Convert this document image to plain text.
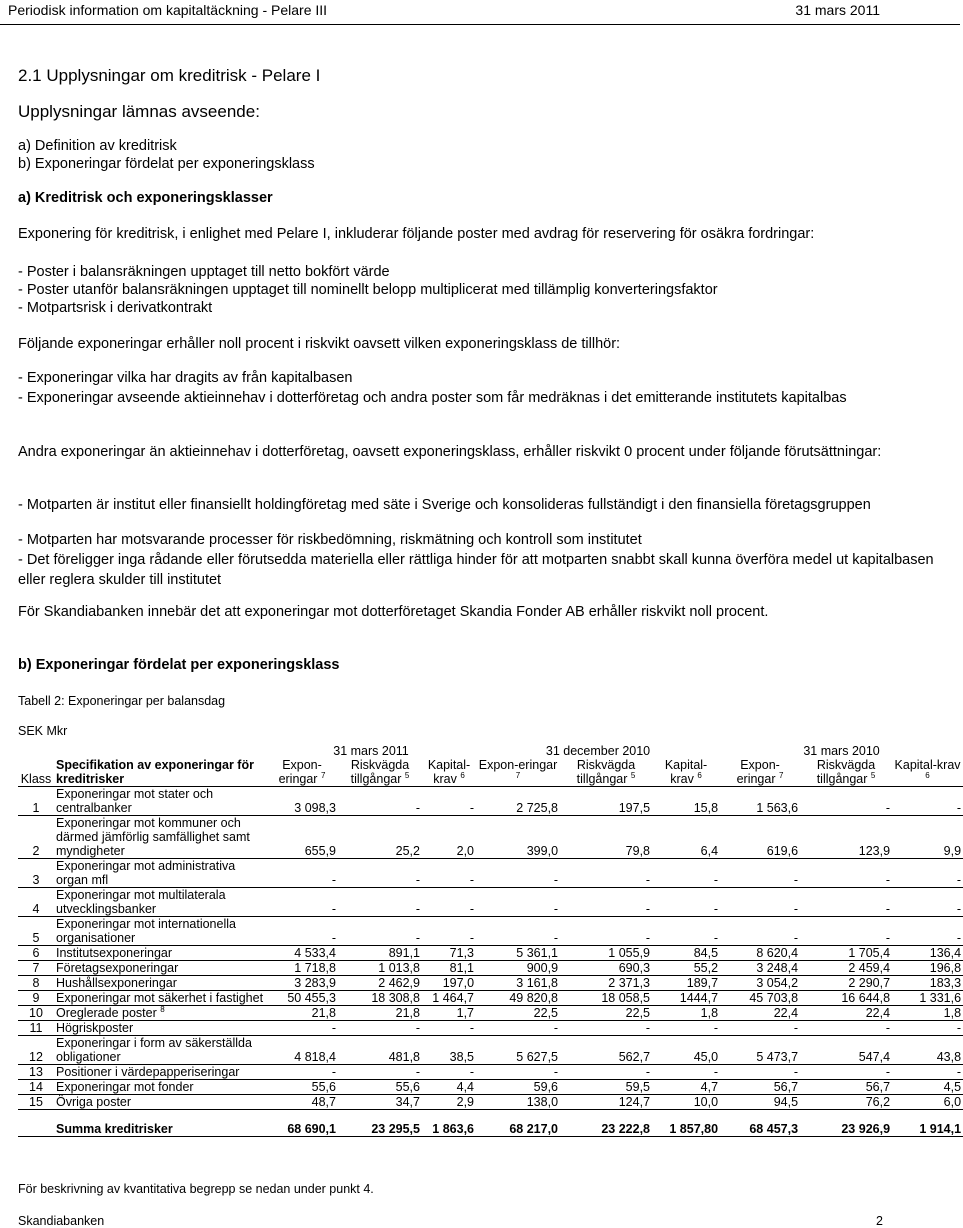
Periodisk information om kapitaltäckning - Pelare III	31 mars 2011
2.1 Upplysningar om kreditrisk - Pelare I
Upplysningar lämnas avseende:
a) Definition av kreditrisk
b) Exponeringar fördelat per exponeringsklass
a) Kreditrisk och exponeringsklasser
Exponering för kreditrisk, i enlighet med Pelare I, inkluderar följande poster med avdrag för reservering för osäkra fordringar:
- Poster i balansräkningen upptaget till netto bokfört värde
- Poster utanför balansräkningen upptaget till nominellt belopp multiplicerat med tillämplig konverteringsfaktor
- Motpartsrisk i derivatkontrakt
Följande exponeringar erhåller noll procent i riskvikt oavsett vilken exponeringsklass de tillhör:
- Exponeringar vilka har dragits av från kapitalbasen
- Exponeringar avseende aktieinnehav i dotterföretag och andra poster som får medräknas i det emitterande institutets kapitalbas
Andra exponeringar än aktieinnehav i dotterföretag, oavsett exponeringsklass, erhåller riskvikt 0 procent under följande förutsättningar:
- Motparten är institut eller finansiellt holdingföretag med säte i Sverige och konsolideras fullständigt i den finansiella företagsgruppen
- Motparten har motsvarande processer för riskbedömning, riskmätning och kontroll som institutet
- Det föreligger inga rådande eller förutsedda materiella eller rättliga hinder för att motparten snabbt skall kunna överföra medel ut kapitalbasen eller reglera skulder till institutet
För Skandiabanken innebär det att exponeringar mot dotterföretaget Skandia Fonder AB erhåller riskvikt noll procent.
b) Exponeringar fördelat per exponeringsklass
Tabell 2: Exponeringar per balansdag
SEK Mkr
		31 mars 2011			31 december 2010			31 mars 2010		
Klass	Specifikation av exponeringar för kreditrisker	Expon-eringar $^7$	Riskvägda tillgångar $^5$	Kapital-krav $^6$	Expon-eringar $^7$	Riskvägda tillgångar $^5$	Kapital-krav $^6$	Expon-eringar $^7$	Riskvägda tillgångar $^5$	Kapital-krav $^6$
1	Exponeringar mot stater och centralbanker	3 098,3	-	-	2 725,8	197,5	15,8	1 563,6	-	-
2	Exponeringar mot kommuner och därmed jämförlig samfällighet samt myndigheter	655,9	25,2	2,0	399,0	79,8	6,4	619,6	123,9	9,9
3	Exponeringar mot administrativa organ mfl	-	-	-	-	-	-	-	-	-
4	Exponeringar mot multilaterala utvecklingsbanker	-	-	-	-	-	-	-	-	-
5	Exponeringar mot internationella organisationer	-	-	-	-	-	-	-	-	-
6	Institutsexponeringar	4 533,4	891,1	71,3	5 361,1	1 055,9	84,5	8 620,4	1 705,4	136,4
7	Företagsexponeringar	1 718,8	1 013,8	81,1	900,9	690,3	55,2	3 248,4	2 459,4	196,8
8	Hushållsexponeringar	3 283,9	2 462,9	197,0	3 161,8	2 371,3	189,7	3 054,2	2 290,7	183,3
9	Exponeringar mot säkerhet i fastighet	50 455,3	18 308,8	1 464,7	49 820,8	18 058,5	1444,7	45 703,8	16 644,8	1 331,6
10	Oreglerade poster $^8$	21,8	21,8	1,7	22,5	22,5	1,8	22,4	22,4	1,8
11	Högriskposter	-	-	-	-	-	-	-	-	-
12	Exponeringar i form av säkerställda obligationer	4 818,4	481,8	38,5	5 627,5	562,7	45,0	5 473,7	547,4	43,8
13	Positioner i värdepapperiseringar	-	-	-	-	-	-	-	-	-
14	Exponeringar mot fonder	55,6	55,6	4,4	59,6	59,5	4,7	56,7	56,7	4,5
15	Övriga poster	48,7	34,7	2,9	138,0	124,7	10,0	94,5	76,2	6,0
	Summa kreditrisker	68 690,1	23 295,5	1 863,6	68 217,0	23 222,8	1 857,80	68 457,3	23 926,9	1 914,1
För beskrivning av kvantitativa begrepp se nedan under punkt 4.
Skandiabanken	2
